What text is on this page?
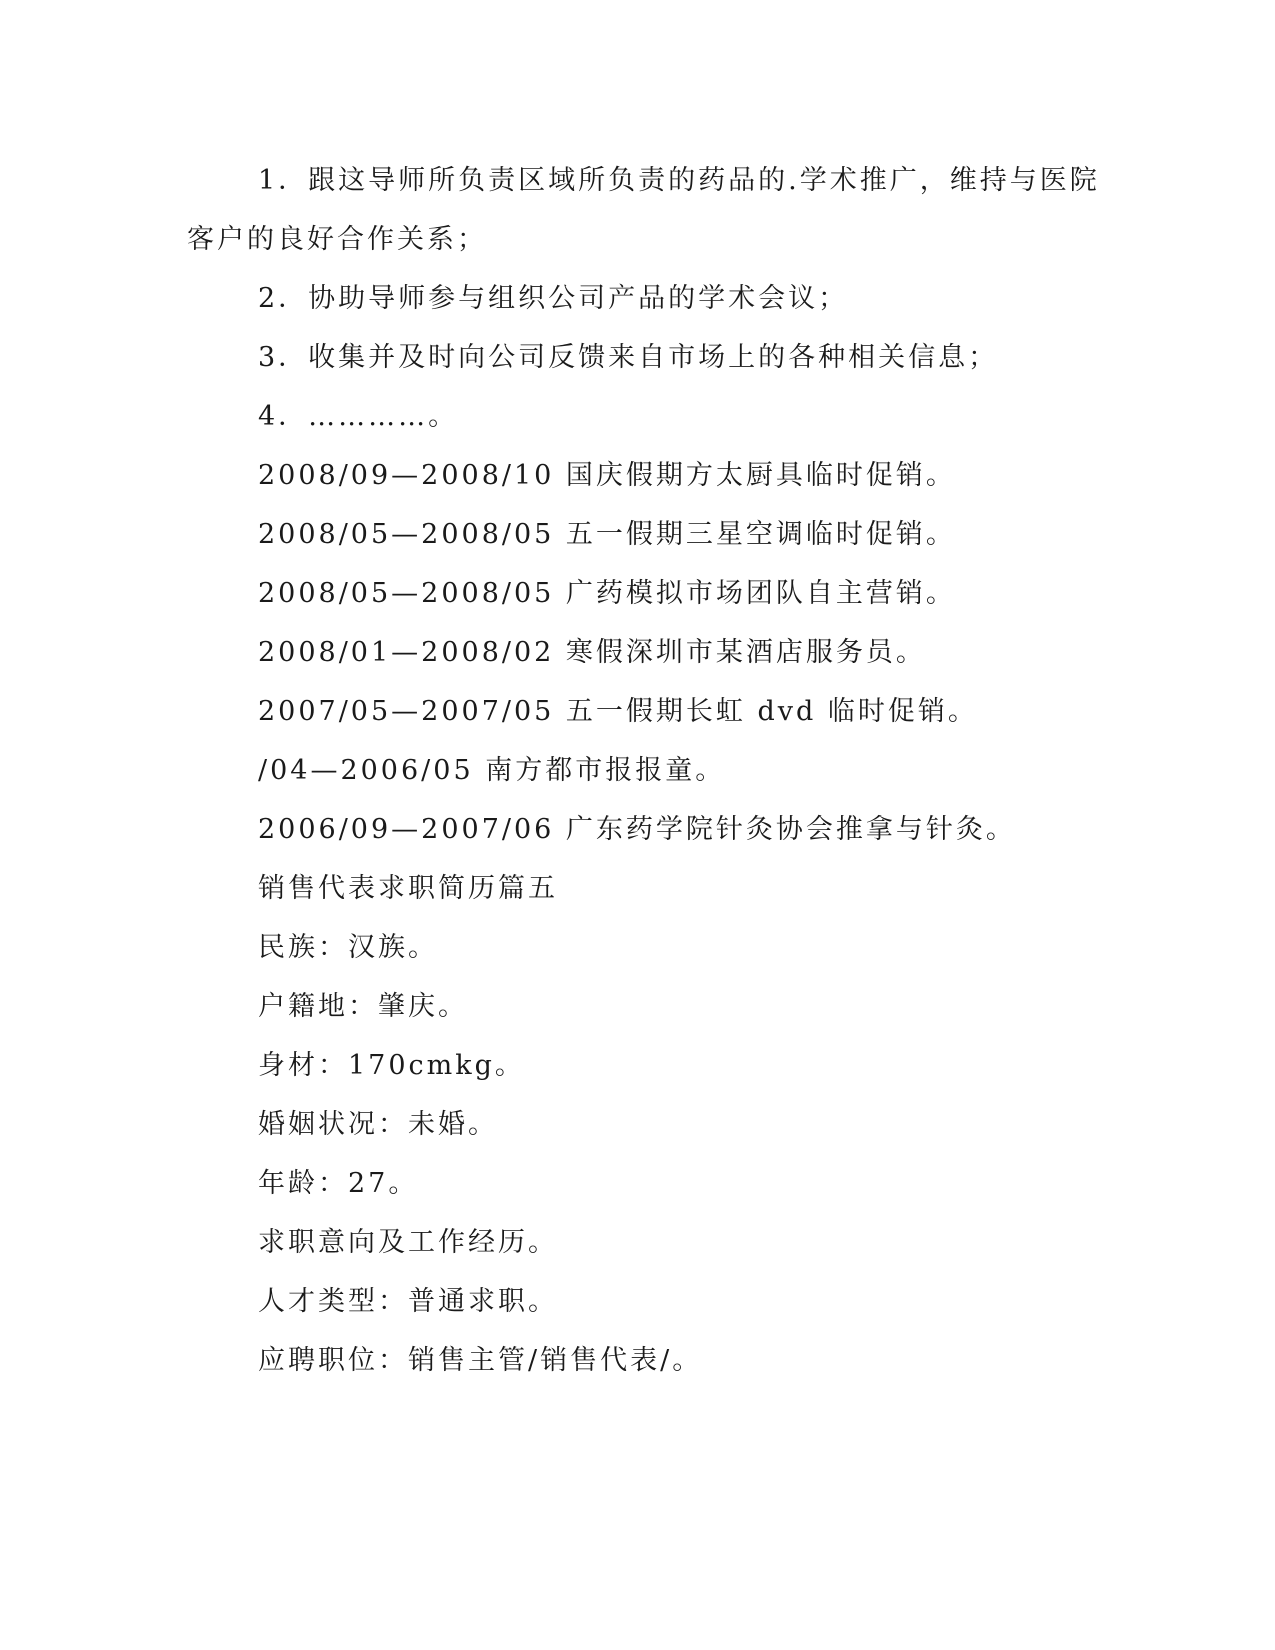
1．跟这导师所负责区域所负责的药品的.学术推广，维持与医院
客户的良好合作关系；
2．协助导师参与组织公司产品的学术会议；
3．收集并及时向公司反馈来自市场上的各种相关信息；
4．…………。
2008/09—2008/10 国庆假期方太厨具临时促销。
2008/05—2008/05 五一假期三星空调临时促销。
2008/05—2008/05 广药模拟市场团队自主营销。
2008/01—2008/02 寒假深圳市某酒店服务员。
2007/05—2007/05 五一假期长虹 dvd 临时促销。
/04—2006/05 南方都市报报童。
2006/09—2007/06 广东药学院针灸协会推拿与针灸。
销售代表求职简历篇五
民族：汉族。
户籍地：肇庆。
身材：170cmkg。
婚姻状况：未婚。
年龄：27。
求职意向及工作经历。
人才类型：普通求职。
应聘职位：销售主管/销售代表/。
